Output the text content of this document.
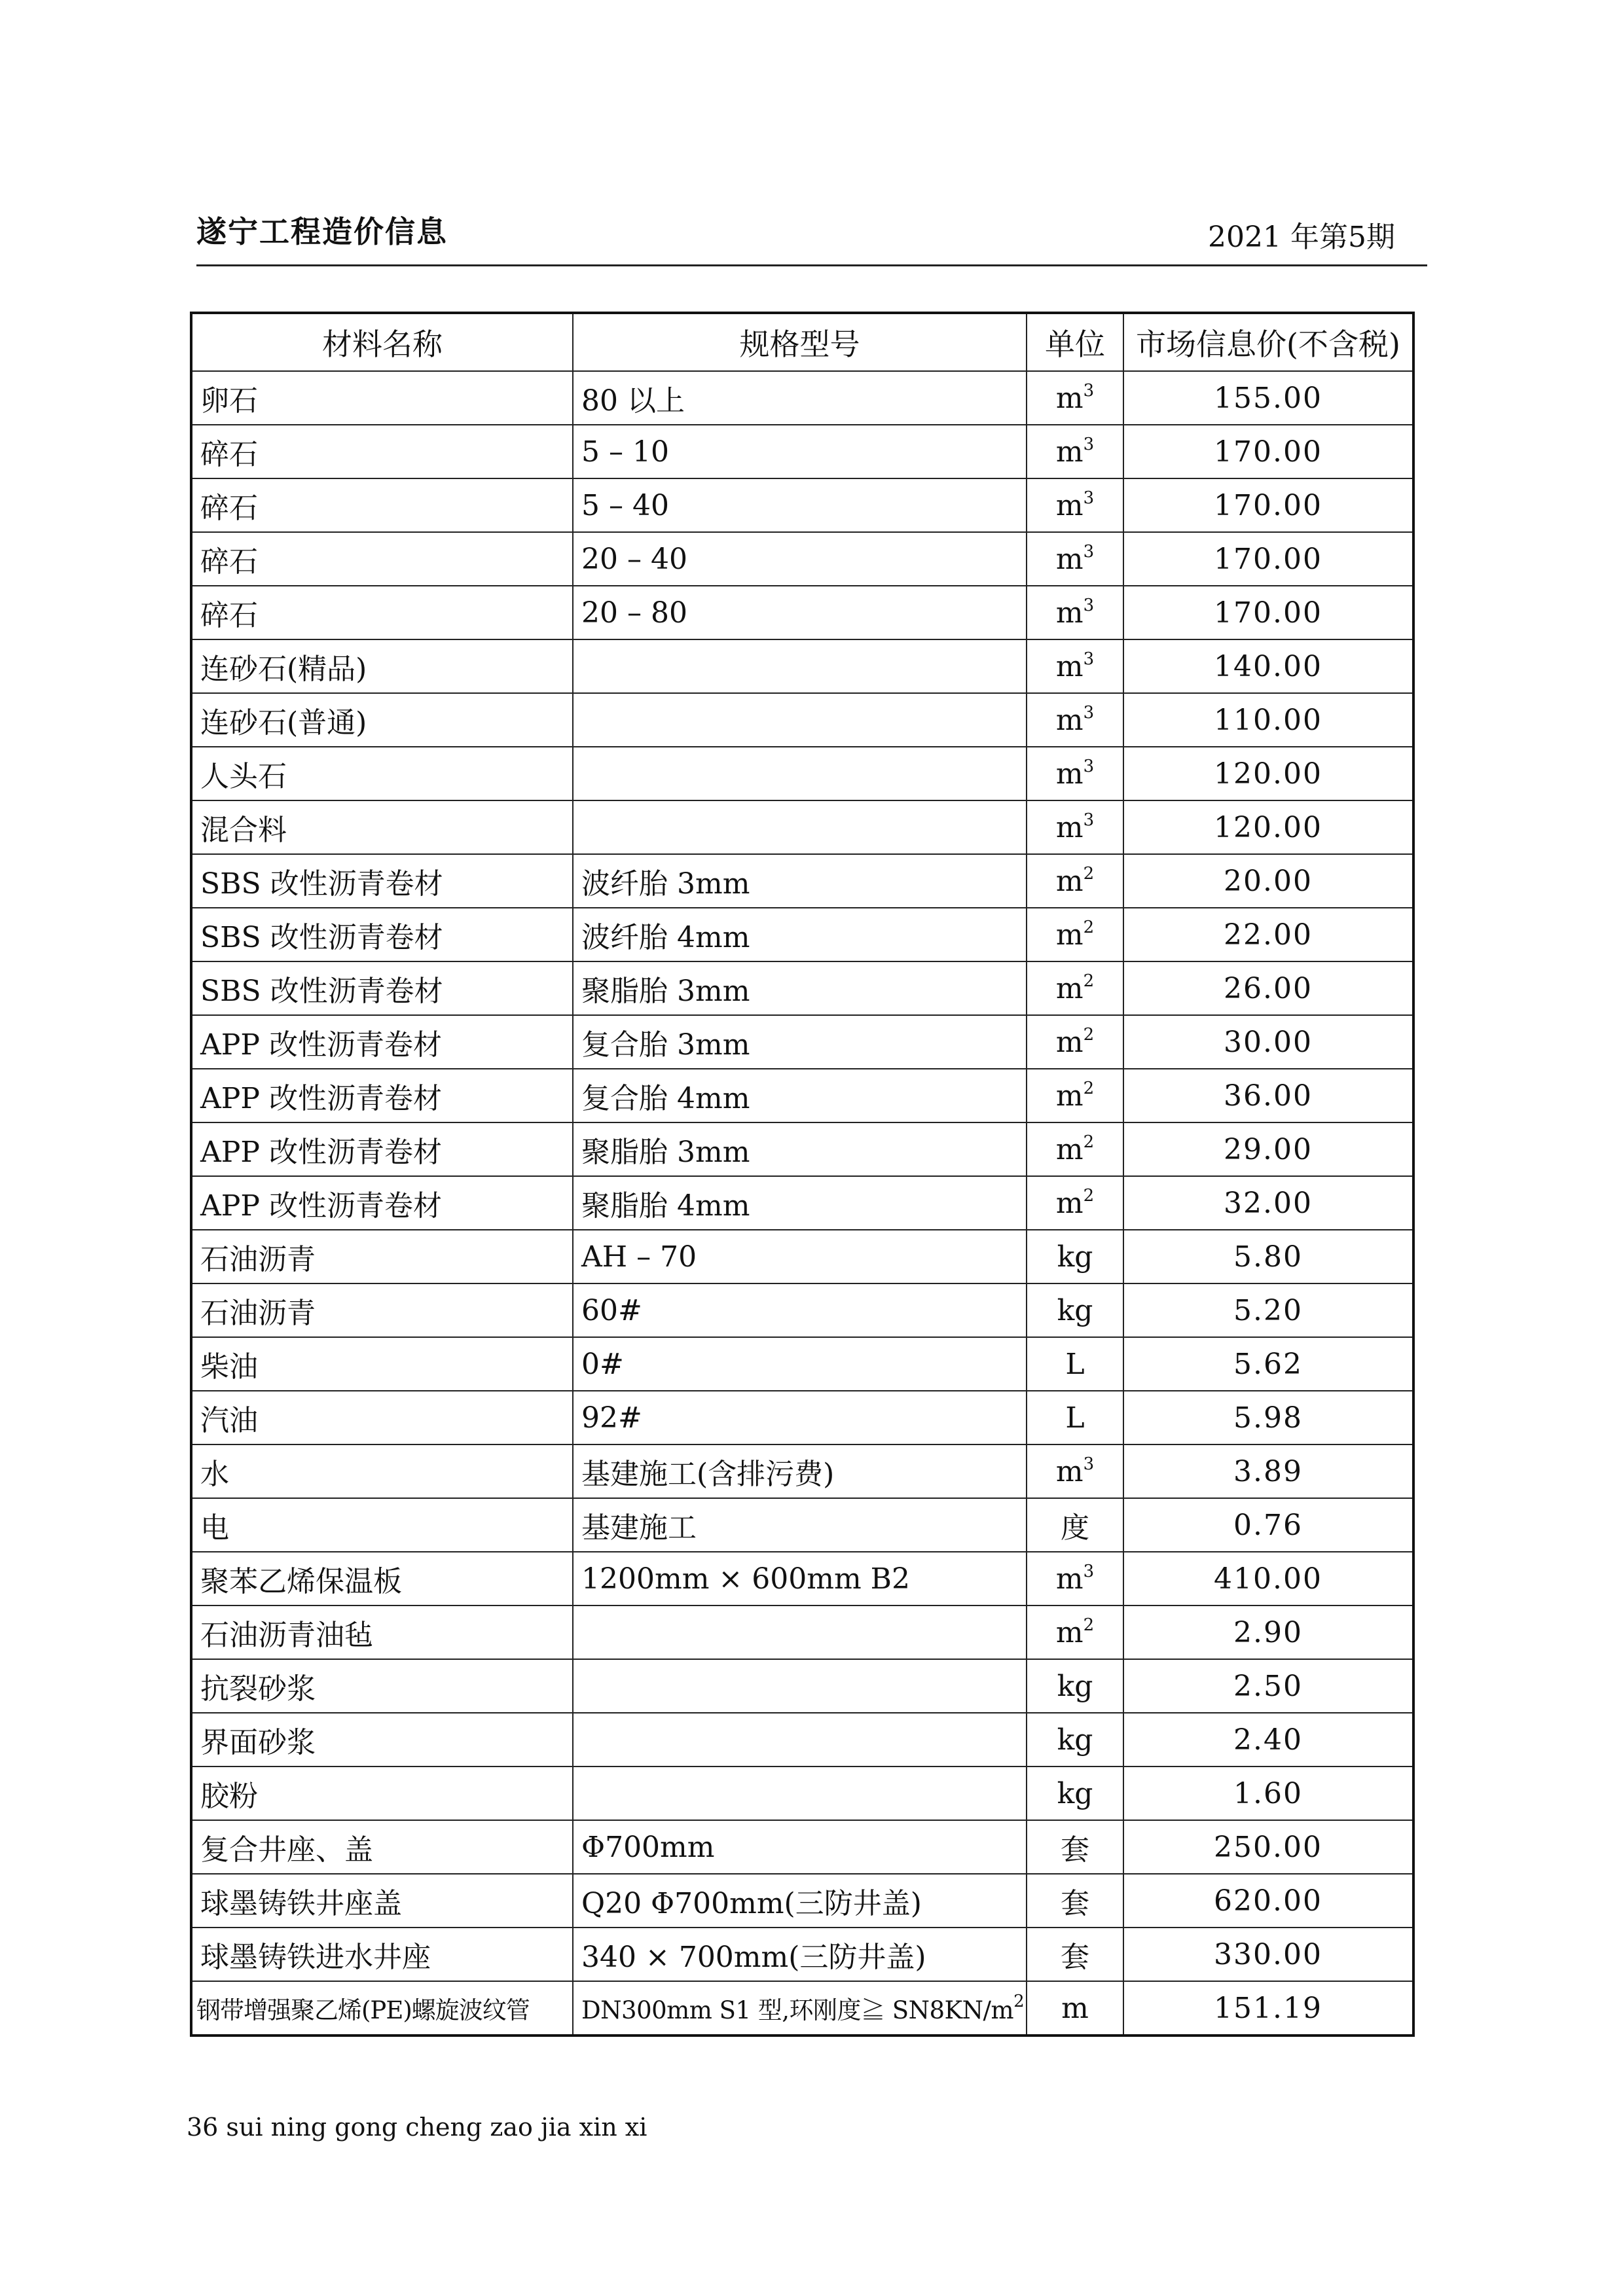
遂宁工程造价信息	2021 年第5期
材料名称	规格型号	单位	市场信息价(不含税)
卵石	80 以上	$m^3$	155.00
碎石	5 – 10	$m^3$	170.00
碎石	5 – 40	$m^3$	170.00
碎石	20 – 40	$m^3$	170.00
碎石	20 – 80	$m^3$	170.00
连砂石(精品)		$m^3$	140.00
连砂石(普通)		$m^3$	110.00
人头石		$m^3$	120.00
混合料		$m^3$	120.00
SBS 改性沥青卷材	波纤胎 3mm	$m^2$	20.00
SBS 改性沥青卷材	波纤胎 4mm	$m^2$	22.00
SBS 改性沥青卷材	聚脂胎 3mm	$m^2$	26.00
APP 改性沥青卷材	复合胎 3mm	$m^2$	30.00
APP 改性沥青卷材	复合胎 4mm	$m^2$	36.00
APP 改性沥青卷材	聚脂胎 3mm	$m^2$	29.00
APP 改性沥青卷材	聚脂胎 4mm	$m^2$	32.00
石油沥青	AH – 70	kg	5.80
石油沥青	60#	kg	5.20
柴油	0#	L	5.62
汽油	92#	L	5.98
水	基建施工(含排污费)	$m^3$	3.89
电	基建施工	度	0.76
聚苯乙烯保温板	1200mm × 600mm B2	$m^3$	410.00
石油沥青油毡		$m^2$	2.90
抗裂砂浆		kg	2.50
界面砂浆		kg	2.40
胶粉		kg	1.60
复合井座、盖	Φ700mm	套	250.00
球墨铸铁井座盖	Q20 Φ700mm(三防井盖)	套	620.00
球墨铸铁进水井座	340 × 700mm(三防井盖)	套	330.00
钢带增强聚乙烯(PE)螺旋波纹管	DN300mm S1 型,环刚度≧ $SN8KN/m^2$	m	151.19
36 sui ning gong cheng zao jia xin xi
